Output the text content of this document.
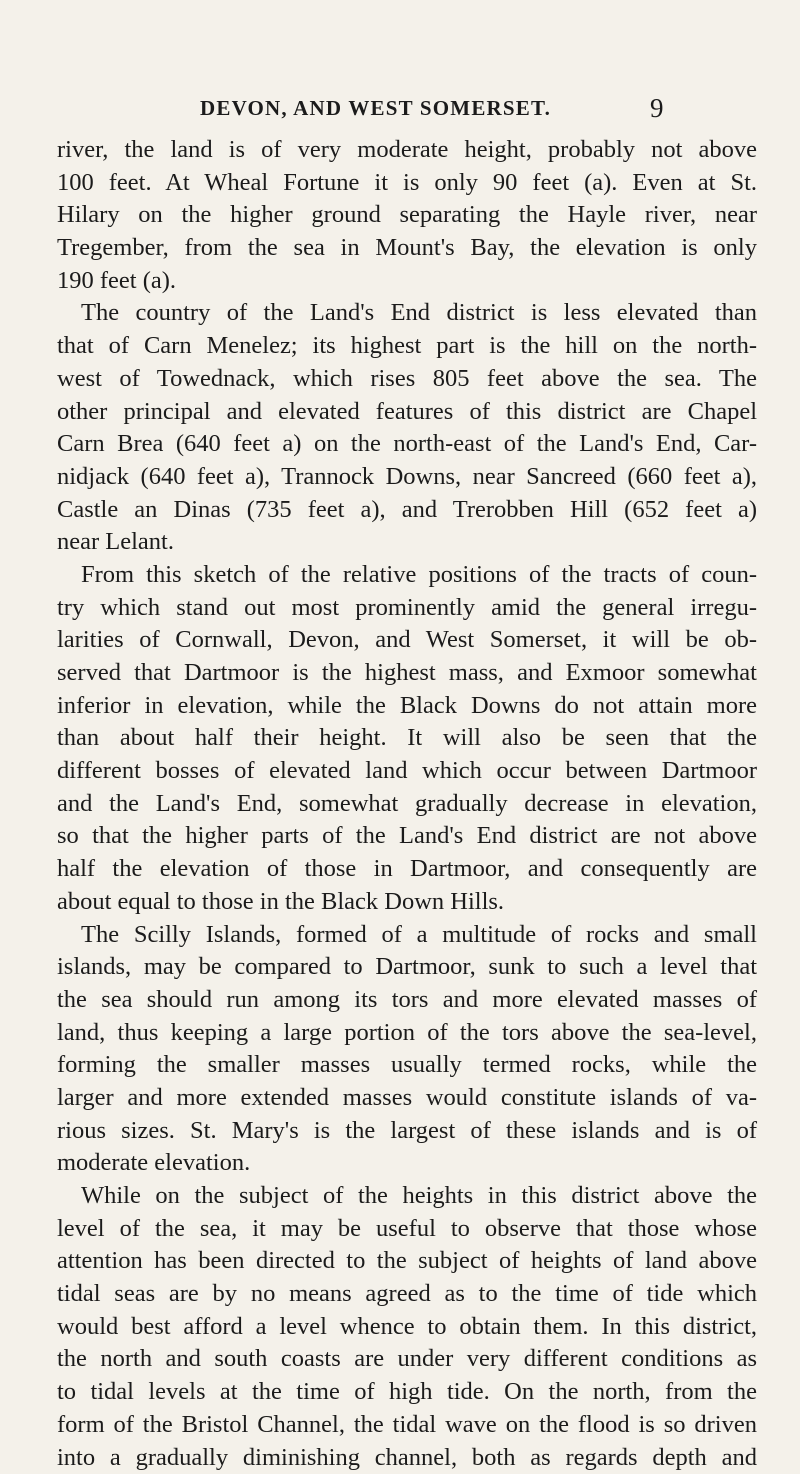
DEVON, AND WEST SOMERSET.	9
river, the land is of very moderate height, probably not above
100 feet. At Wheal Fortune it is only 90 feet (a). Even at St.
Hilary on the higher ground separating the Hayle river, near
Tregember, from the sea in Mount's Bay, the elevation is only
190 feet (a).
The country of the Land's End district is less elevated than
that of Carn Menelez; its highest part is the hill on the north-
west of Towednack, which rises 805 feet above the sea. The
other principal and elevated features of this district are Chapel
Carn Brea (640 feet a) on the north-east of the Land's End, Car-
nidjack (640 feet a), Trannock Downs, near Sancreed (660 feet a),
Castle an Dinas (735 feet a), and Trerobben Hill (652 feet a)
near Lelant.
From this sketch of the relative positions of the tracts of coun-
try which stand out most prominently amid the general irregu-
larities of Cornwall, Devon, and West Somerset, it will be ob-
served that Dartmoor is the highest mass, and Exmoor somewhat
inferior in elevation, while the Black Downs do not attain more
than about half their height. It will also be seen that the
different bosses of elevated land which occur between Dartmoor
and the Land's End, somewhat gradually decrease in elevation,
so that the higher parts of the Land's End district are not above
half the elevation of those in Dartmoor, and consequently are
about equal to those in the Black Down Hills.
The Scilly Islands, formed of a multitude of rocks and small
islands, may be compared to Dartmoor, sunk to such a level that
the sea should run among its tors and more elevated masses of
land, thus keeping a large portion of the tors above the sea-level,
forming the smaller masses usually termed rocks, while the
larger and more extended masses would constitute islands of va-
rious sizes. St. Mary's is the largest of these islands and is of
moderate elevation.
While on the subject of the heights in this district above the
level of the sea, it may be useful to observe that those whose
attention has been directed to the subject of heights of land above
tidal seas are by no means agreed as to the time of tide which
would best afford a level whence to obtain them. In this district,
the north and south coasts are under very different conditions as
to tidal levels at the time of high tide. On the north, from the
form of the Bristol Channel, the tidal wave on the flood is so driven
into a gradually diminishing channel, both as regards depth and
